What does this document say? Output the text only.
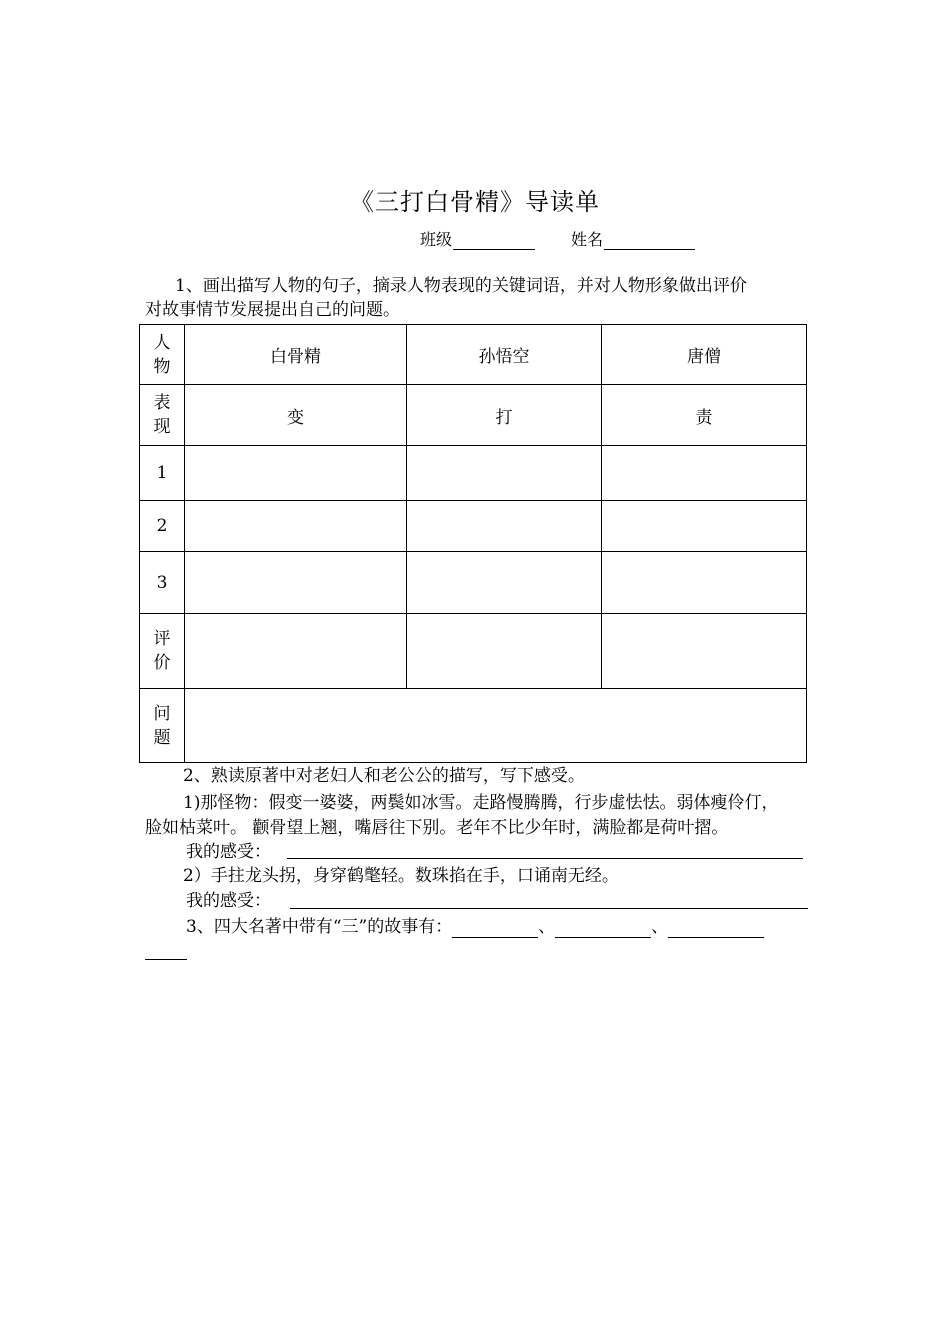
《三打白骨精》导读单
班级	姓名
1、画出描写人物的句子，摘录人物表现的关键词语，并对人物形象做出评价
对故事情节发展提出自己的问题。
人
物	白骨精	孙悟空	唐僧

表
现	变	打	责
1			
2			
3			

评
价			

问
题			

2、熟读原著中对老妇人和老公公的描写，写下感受。
1)那怪物：假变一婆婆，两鬓如冰雪。走路慢腾腾，行步虚怯怯。弱体瘦伶仃，
脸如枯菜叶。 颧骨望上翘，嘴唇往下别。老年不比少年时，满脸都是荷叶摺。
我的感受：
2）手拄龙头拐，身穿鹤氅轻。数珠掐在手，口诵南无经。
我的感受：
3、四大名著中带有“三”的故事有：	、	、
